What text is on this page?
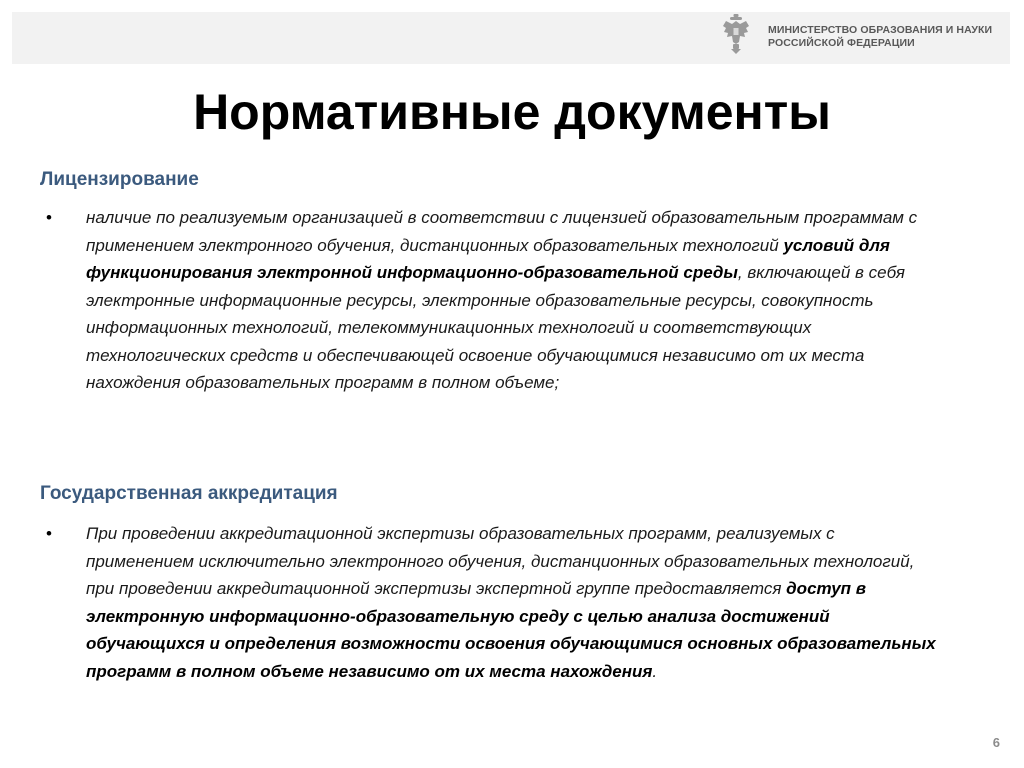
МИНИСТЕРСТВО ОБРАЗОВАНИЯ И НАУКИ
РОССИЙСКОЙ ФЕДЕРАЦИИ
Нормативные документы
Лицензирование
• наличие по реализуемым организацией в соответствии с лицензией образовательным программам с применением электронного обучения, дистанционных образовательных технологий условий для функционирования электронной информационно-образовательной среды, включающей в себя электронные информационные ресурсы, электронные образовательные ресурсы, совокупность информационных технологий, телекоммуникационных технологий и соответствующих технологических средств и обеспечивающей освоение обучающимися независимо от их места нахождения образовательных программ в полном объеме;
Государственная аккредитация
• При проведении аккредитационной экспертизы образовательных программ, реализуемых с применением исключительно электронного обучения, дистанционных образовательных технологий, при проведении аккредитационной экспертизы экспертной группе предоставляется доступ в электронную информационно-образовательную среду с целью анализа достижений обучающихся и определения возможности освоения обучающимися основных образовательных программ в полном объеме независимо от их места нахождения.
6
